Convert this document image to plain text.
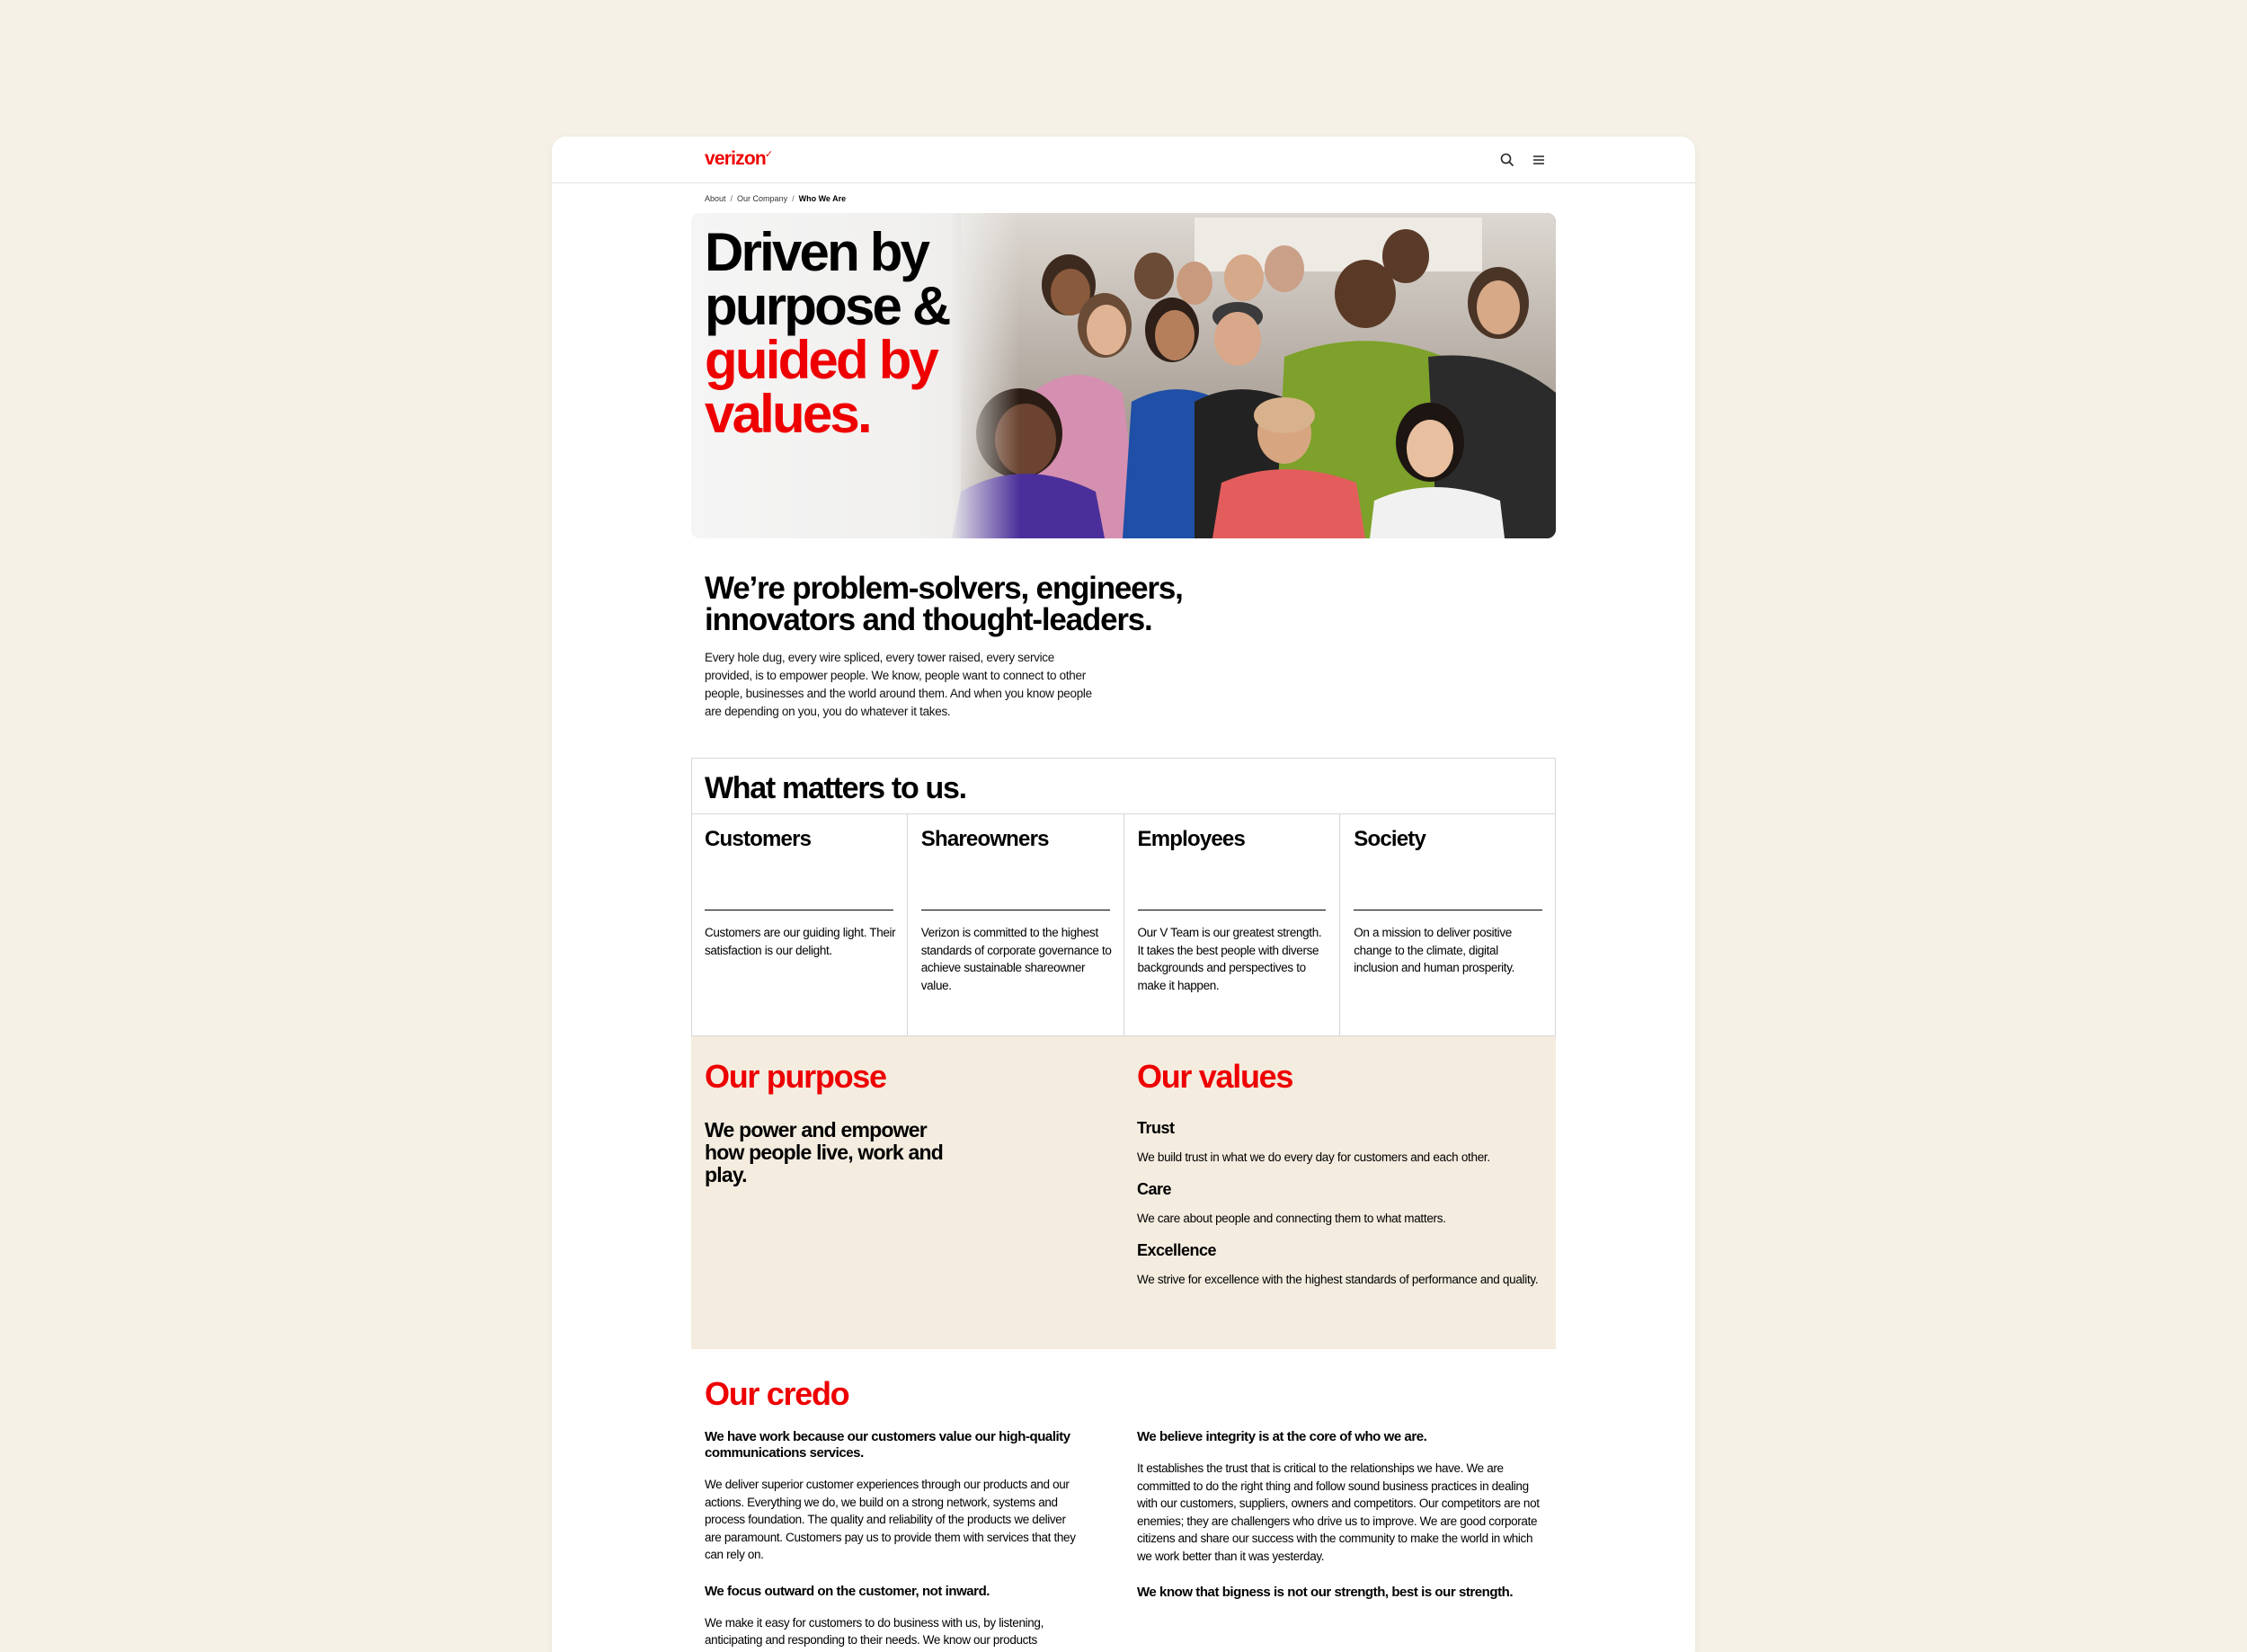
verizon✓
About / Our Company / Who We Are
Driven by
purpose &
guided by
values.
We’re problem-solvers, engineers, innovators and thought-leaders.

Every hole dug, every wire spliced, every tower raised, every service provided, is to empower people. We know, people want to connect to other people, businesses and the world around them. And when you know people are depending on you, you do whatever it takes.

What matters to us.
Customers
Customers are our guiding light. Their satisfaction is our delight.
Shareowners
Verizon is committed to the highest standards of corporate governance to achieve sustainable shareowner value.
Employees
Our V Team is our greatest strength. It takes the best people with diverse backgrounds and perspectives to make it happen.
Society
On a mission to deliver positive change to the climate, digital inclusion and human prosperity.
Our purpose

We power and empower how people live, work and play.

Our values
Trust
We build trust in what we do every day for customers and each other.
Care
We care about people and connecting them to what matters.
Excellence
We strive for excellence with the highest standards of performance and quality.
Our credo

We have work because our customers value our high-quality communications services.

We deliver superior customer experiences through our products and our actions. Everything we do, we build on a strong network, systems and process foundation. The quality and reliability of the products we deliver are paramount. Customers pay us to provide them with services that they can rely on.

We focus outward on the customer, not inward.

We make it easy for customers to do business with us, by listening, anticipating and responding to their needs. We know our products

We believe integrity is at the core of who we are.

It establishes the trust that is critical to the relationships we have. We are committed to do the right thing and follow sound business practices in dealing with our customers, suppliers, owners and competitors. Our competitors are not enemies; they are challengers who drive us to improve. We are good corporate citizens and share our success with the community to make the world in which we work better than it was yesterday.

We know that bigness is not our strength, best is our strength.
